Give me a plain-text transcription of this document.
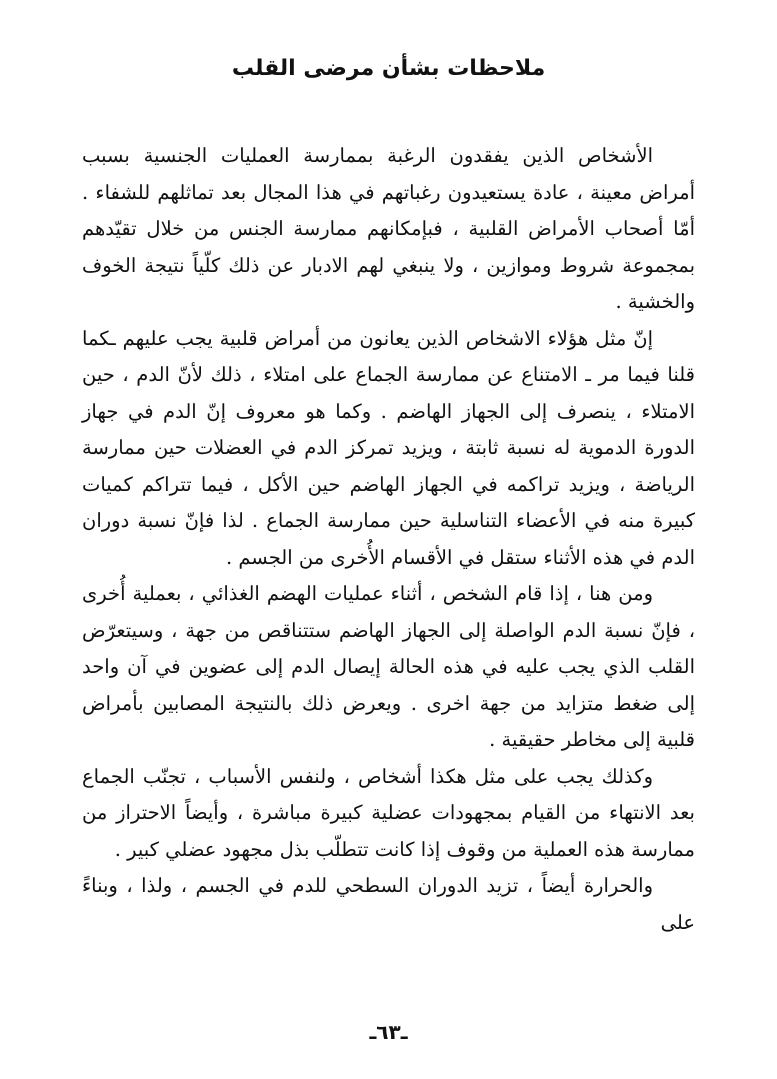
ملاحظات بشأن مرضى القلب

الأشخاص الذين يفقدون الرغبة بممارسة العمليات الجنسية بسبب أمراض معينة ، عادة يستعيدون رغباتهم في هذا المجال بعد تماثلهم للشفاء . أمّا أصحاب الأمراض القلبية ، فبإمكانهم ممارسة الجنس من خلال تقيّدهم بمجموعة شروط وموازين ، ولا ينبغي لهم الادبار عن ذلك كلّياً نتيجة الخوف والخشية .

إنّ مثل هؤلاء الاشخاص الذين يعانون من أمراض قلبية يجب عليهم ـكما قلنا فيما مر ـ الامتناع عن ممارسة الجماع على امتلاء ، ذلك لأنّ الدم ، حين الامتلاء ، ينصرف إلى الجهاز الهاضم . وكما هو معروف إنّ الدم في جهاز الدورة الدموية له نسبة ثابتة ، ويزيد تمركز الدم في العضلات حين ممارسة الرياضة ، ويزيد تراكمه في الجهاز الهاضم حين الأكل ، فيما تتراكم كميات كبيرة منه في الأعضاء التناسلية حين ممارسة الجماع . لذا فإنّ نسبة دوران الدم في هذه الأثناء ستقل في الأقسام الأُخرى من الجسم .

ومن هنا ، إذا قام الشخص ، أثناء عمليات الهضم الغذائي ، بعملية أُخرى ، فإنّ نسبة الدم الواصلة إلى الجهاز الهاضم ستتناقص من جهة ، وسيتعرّض القلب الذي يجب عليه في هذه الحالة إيصال الدم إلى عضوين في آن واحد إلى ضغط متزايد من جهة اخرى . ويعرض ذلك بالنتيجة المصابين بأمراض قلبية إلى مخاطر حقيقية .

وكذلك يجب على مثل هكذا أشخاص ، ولنفس الأسباب ، تجنّب الجماع بعد الانتهاء من القيام بمجهودات عضلية كبيرة مباشرة ، وأيضاً الاحتراز من ممارسة هذه العملية من وقوف إذا كانت تتطلّب بذل مجهود عضلي كبير .

والحرارة أيضاً ، تزيد الدوران السطحي للدم في الجسم ، ولذا ، وبناءً على

ـ٦٣ـ
